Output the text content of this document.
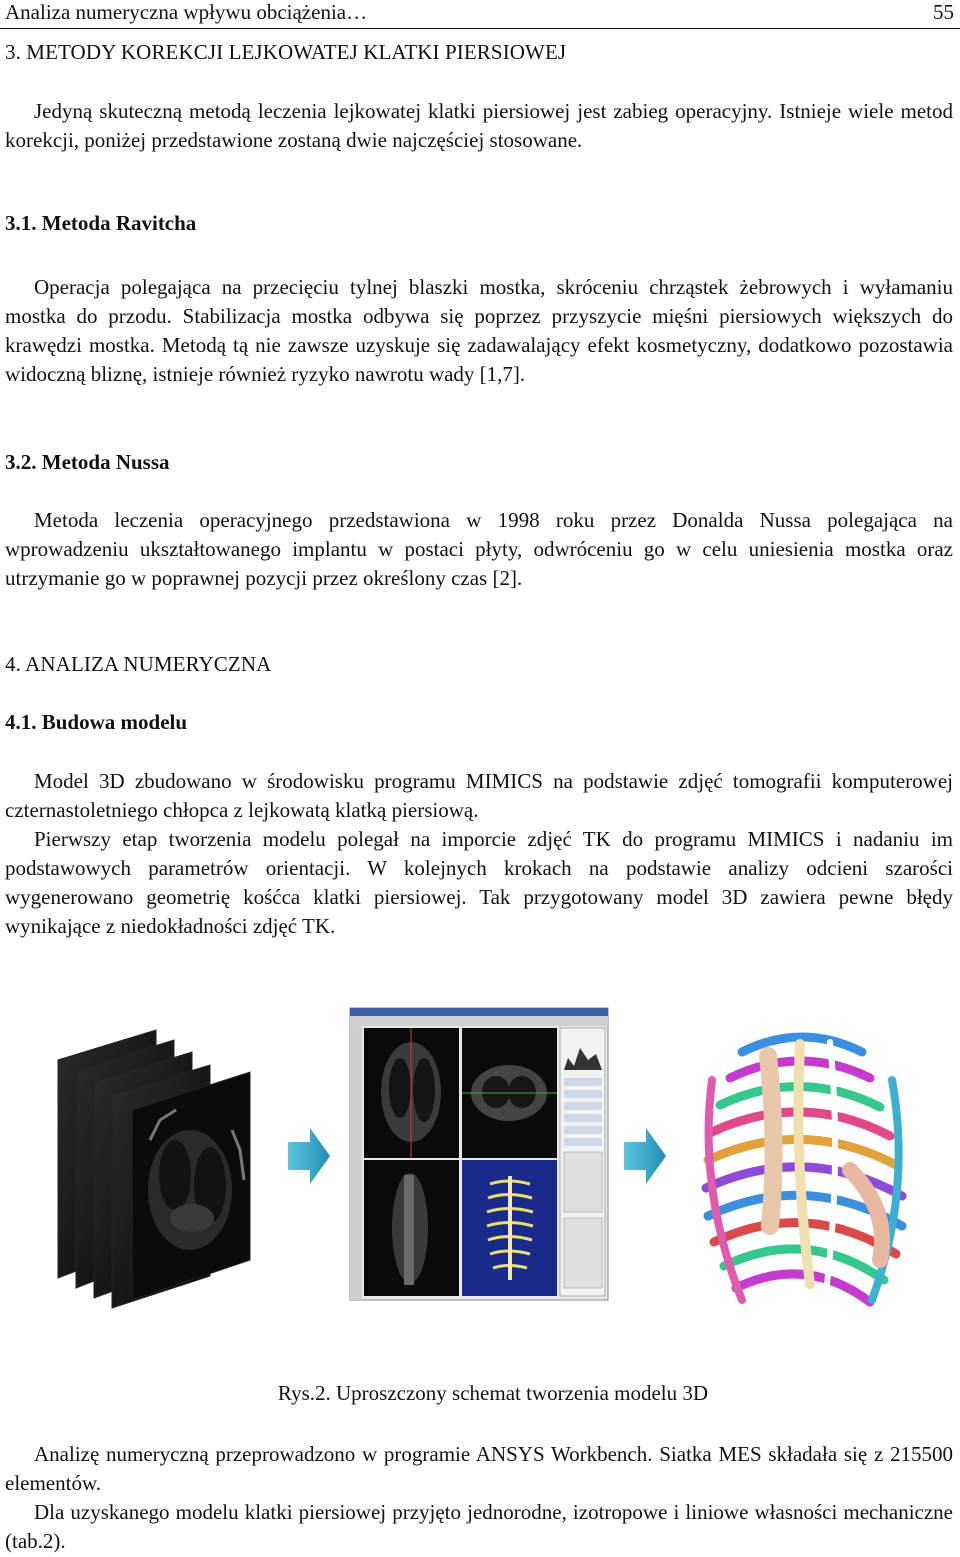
Analiza numeryczna wpływu obciążenia…	55
3. METODY KOREKCJI LEJKOWATEJ KLATKI PIERSIOWEJ

Jedyną skuteczną metodą leczenia lejkowatej klatki piersiowej jest zabieg operacyjny. Istnieje wiele metod korekcji, poniżej przedstawione zostaną dwie najczęściej stosowane.

3.1. Metoda Ravitcha

Operacja polegająca na przecięciu tylnej blaszki mostka, skróceniu chrząstek żebrowych i wyłamaniu mostka do przodu. Stabilizacja mostka odbywa się poprzez przyszycie mięśni piersiowych większych do krawędzi mostka. Metodą tą nie zawsze uzyskuje się zadawalający efekt kosmetyczny, dodatkowo pozostawia widoczną bliznę, istnieje również ryzyko nawrotu wady [1,7].

3.2. Metoda Nussa

Metoda leczenia operacyjnego przedstawiona w 1998 roku przez Donalda Nussa polegająca na wprowadzeniu ukształtowanego implantu w postaci płyty, odwróceniu go w celu uniesienia mostka oraz utrzymanie go w poprawnej pozycji przez określony czas [2].

4. ANALIZA NUMERYCZNA
4.1. Budowa modelu

Model 3D zbudowano w środowisku programu MIMICS na podstawie zdjęć tomografii komputerowej czternastoletniego chłopca z lejkowatą klatką piersiową.

Pierwszy etap tworzenia modelu polegał na imporcie zdjęć TK do programu MIMICS i nadaniu im podstawowych parametrów orientacji. W kolejnych krokach na podstawie analizy odcieni szarości wygenerowano geometrię kośćca klatki piersiowej. Tak przygotowany model 3D zawiera pewne błędy wynikające z niedokładności zdjęć TK.

Rys.2. Uproszczony schemat tworzenia modelu 3D

Analizę numeryczną przeprowadzono w programie ANSYS Workbench. Siatka MES składała się z 215500 elementów.

Dla uzyskanego modelu klatki piersiowej przyjęto jednorodne, izotropowe i liniowe własności mechaniczne (tab.2).
